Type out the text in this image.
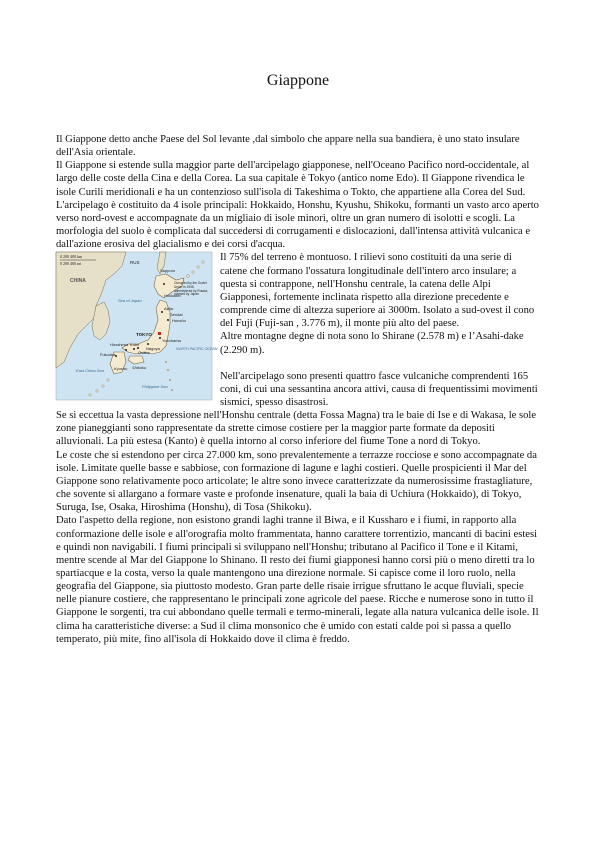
Giappone

Il Giappone detto anche Paese del Sol levante ,dal simbolo che appare nella sua bandiera, è uno stato insulare dell'Asia orientale.

Il Giappone si estende sulla maggior parte dell'arcipelago giapponese, nell'Oceano Pacifico nord-occidentale, al largo delle coste della Cina e della Corea. La sua capitale è Tokyo (antico nome Edo). Il Giappone rivendica le isole Curili meridionali e ha un contenzioso sull'isola di Takeshima o Tokto, che appartiene alla Corea del Sud.

L'arcipelago è costituito da 4 isole principali: Hokkaido, Honshu, Kyushu, Shikoku, formanti un vasto arco aperto verso nord-ovest e accompagnate da un migliaio di isole minori, oltre un gran numero di isolotti e scogli. La morfologia del suolo è complicata dal succedersi di corrugamenti e dislocazioni, dall'intensa attività vulcanica e dall'azione erosiva del glacialismo e dei corsi d'acqua.

0 200 400 km
0 200 400 mi	RUS
CHINA
Sea of Japan
Sapporo
Hokkaido
Honshu
Akita
Sendai
TOKYO
Yokohama
Nagoya
Osaka
Hiroshima Kobe
Fukuoka
Kyushu Shikoku
East China Sea
NORTH PACIFIC OCEAN
Philippine Sea
Occupied by the Soviet Union in 1945, administered by Russia, claimed by Japan

Il 75% del terreno è montuoso. I rilievi sono costituiti da una serie di catene che formano l'ossatura longitudinale dell'intero arco insulare; a questa si contrappone, nell'Honshu centrale, la catena delle Alpi Giapponesi, fortemente inclinata rispetto alla direzione precedente e comprende cime di altezza superiore ai 3000m. Isolato a sud-ovest il cono del Fuji (Fuji-san , 3.776 m), il monte più alto del paese.

Altre montagne degne di nota sono lo Shirane (2.578 m) e l’Asahi-dake (2.290 m).

Nell'arcipelago sono presenti quattro fasce vulcaniche comprendenti 165 coni, di cui una sessantina ancora attivi, causa di frequentissimi movimenti sismici, spesso disastrosi.

Se si eccettua la vasta depressione nell'Honshu centrale (detta Fossa Magna) tra le baie di Ise e di Wakasa, le sole zone pianeggianti sono rappresentate da strette cimose costiere per la maggior parte formate da depositi alluvionali. La più estesa (Kanto) è quella intorno al corso inferiore del fiume Tone a nord di Tokyo.

Le coste che si estendono per circa 27.000 km, sono prevalentemente a terrazze rocciose e sono accompagnate da isole. Limitate quelle basse e sabbiose, con formazione di lagune e laghi costieri. Quelle prospicienti il Mar del Giappone sono relativamente poco articolate; le altre sono invece caratterizzate da numerosissime frastagliature, che sovente si allargano a formare vaste e profonde insenature, quali la baia di Uchiura (Hokkaido), di Tokyo, Suruga, Ise, Osaka, Hiroshima (Honshu), di Tosa (Shikoku).

Dato l'aspetto della regione, non esistono grandi laghi tranne il Biwa, e il Kussharo e i fiumi, in rapporto alla conformazione delle isole e all'orografia molto frammentata, hanno carattere torrentizio, mancanti di bacini estesi e quindi non navigabili. I fiumi principali si sviluppano nell'Honshu; tributano al Pacifico il Tone e il Kitami, mentre scende al Mar del Giappone lo Shinano. Il resto dei fiumi giapponesi hanno corsi più o meno diretti tra lo spartiacque e la costa, verso la quale mantengono una direzione normale. Si capisce come il loro ruolo, nella geografia del Giappone, sia piuttosto modesto. Gran parte delle risaie irrigue sfruttano le acque fluviali, specie nelle pianure costiere, che rappresentano le principali zone agricole del paese. Ricche e numerose sono in tutto il Giappone le sorgenti, tra cui abbondano quelle termali e termo-minerali, legate alla natura vulcanica delle isole. Il clima ha caratteristiche diverse: a Sud il clima monsonico che è umido con estati calde poi si passa a quello temperato, più mite, fino all'isola di Hokkaido dove il clima è freddo.
